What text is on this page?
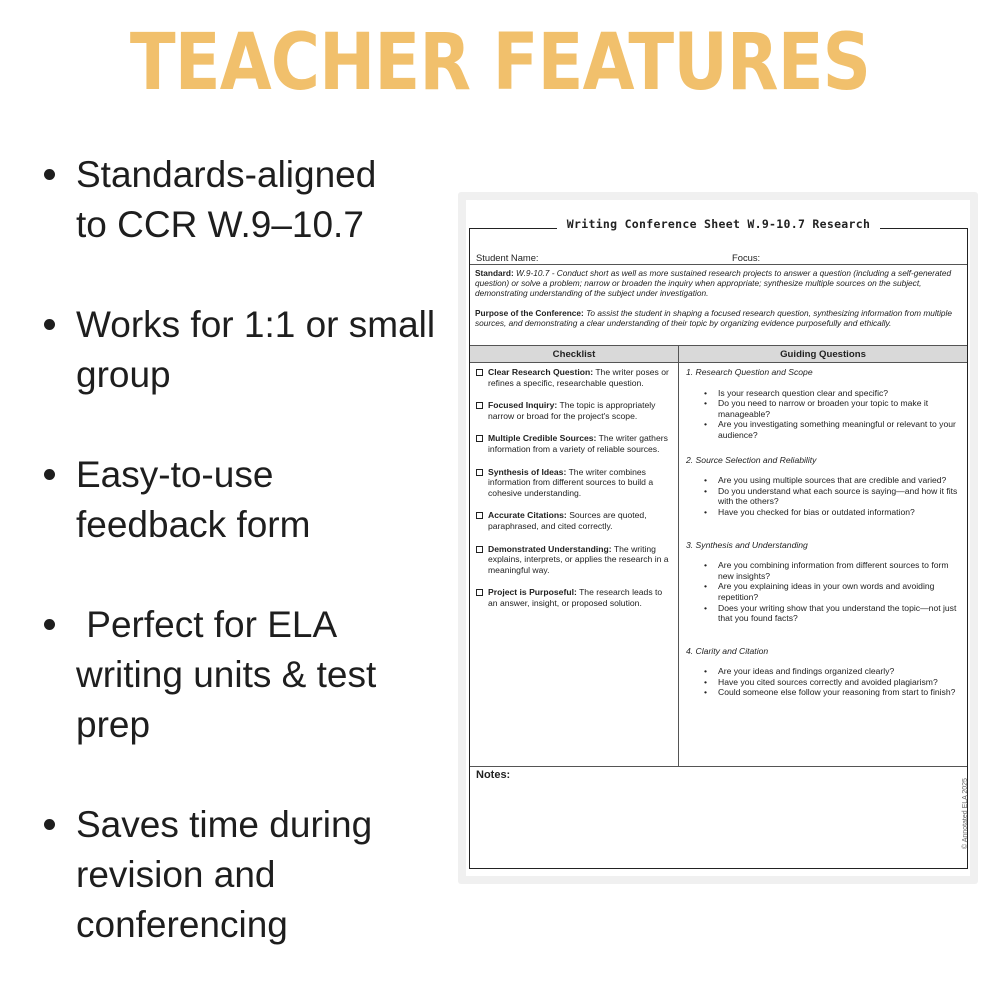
TEACHER FEATURES
Standards-aligned
to CCR W.9–10.7
Works for 1:1 or small
group
Easy-to-use
feedback form
Perfect for ELA
writing units & test
prep
Saves time during
revision and
conferencing
Writing Conference Sheet W.9-10.7 Research
Student Name:	Focus:

Standard: W.9-10.7 - Conduct short as well as more sustained research projects to answer a question (including a self-generated question) or solve a problem; narrow or broaden the inquiry when appropriate; synthesize multiple sources on the subject, demonstrating understanding of the subject under investigation.

Purpose of the Conference: To assist the student in shaping a focused research question, synthesizing information from multiple sources, and demonstrating a clear understanding of their topic by organizing evidence purposefully and ethically.

Checklist	Guiding Questions
Clear Research Question: The writer poses or refines a specific, researchable question.
Focused Inquiry: The topic is appropriately narrow or broad for the project's scope.
Multiple Credible Sources: The writer gathers information from a variety of reliable sources.
Synthesis of Ideas: The writer combines information from different sources to build a cohesive understanding.
Accurate Citations: Sources are quoted, paraphrased, and cited correctly.
Demonstrated Understanding: The writing explains, interprets, or applies the research in a meaningful way.
Project is Purposeful: The research leads to an answer, insight, or proposed solution.
1. Research Question and Scope
• Is your research question clear and specific?
• Do you need to narrow or broaden your topic to make it manageable?
• Are you investigating something meaningful or relevant to your audience?
2. Source Selection and Reliability
• Are you using multiple sources that are credible and varied?
• Do you understand what each source is saying—and how it fits with the others?
• Have you checked for bias or outdated information?
3. Synthesis and Understanding
• Are you combining information from different sources to form new insights?
• Are you explaining ideas in your own words and avoiding repetition?
• Does your writing show that you understand the topic—not just that you found facts?
4. Clarity and Citation
• Are your ideas and findings organized clearly?
• Have you cited sources correctly and avoided plagiarism?
• Could someone else follow your reasoning from start to finish?
Notes:
© Annotated ELA 2025
